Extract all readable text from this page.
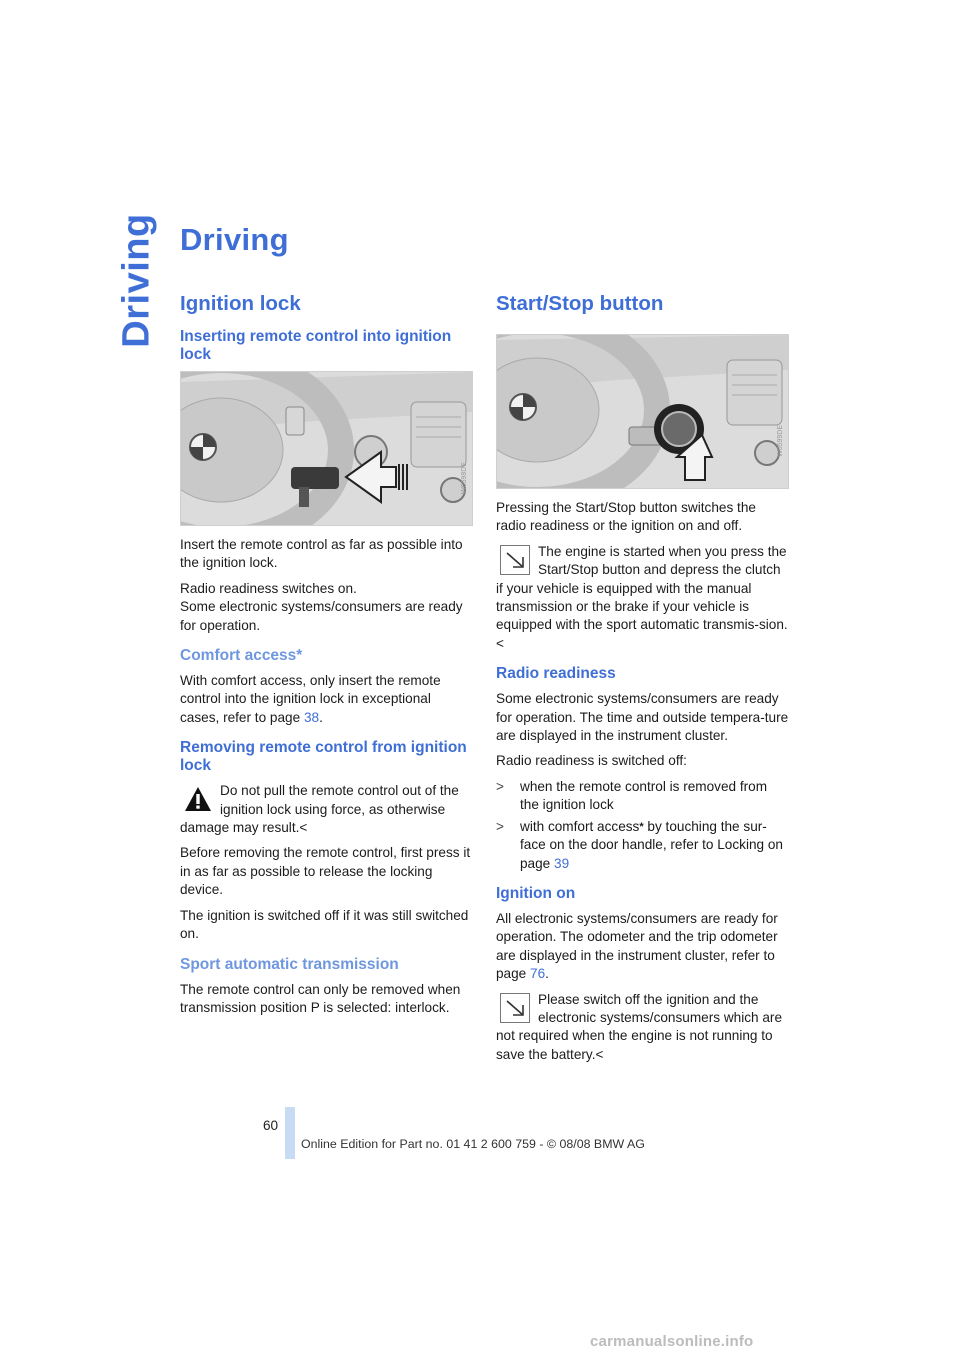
Driving Driving
Ignition lock
Inserting remote control into ignition lock
W0598DE

Insert the remote control as far as possible into the ignition lock.

Radio readiness switches on.
Some electronic systems/consumers are ready for operation.

Comfort access*

With comfort access, only insert the remote control into the ignition lock in exceptional cases, refer to page 38.

Removing remote control from ignition lock

Do not pull the remote control out of the ignition lock using force, as otherwise damage may result.<

Before removing the remote control, first press it in as far as possible to release the locking device.

The ignition is switched off if it was still switched on.

Sport automatic transmission

The remote control can only be removed when transmission position P is selected: interlock.

Start/Stop button
W0599DE

Pressing the Start/Stop button switches the radio readiness or the ignition on and off.

The engine is started when you press the Start/Stop button and depress the clutch if your vehicle is equipped with the manual transmission or the brake if your vehicle is equipped with the sport automatic transmis-sion.<

Radio readiness

Some electronic systems/consumers are ready for operation. The time and outside tempera-ture are displayed in the instrument cluster.

Radio readiness is switched off:

>	when the remote control is removed from the ignition lock
>	with comfort access* by touching the sur-face on the door handle, refer to Locking on page 39
Ignition on

All electronic systems/consumers are ready for operation. The odometer and the trip odometer are displayed in the instrument cluster, refer to page 76.

Please switch off the ignition and the electronic systems/consumers which are not required when the engine is not running to save the battery.<

60
Online Edition for Part no. 01 41 2 600 759 - © 08/08 BMW AG
carmanualsonline.info
